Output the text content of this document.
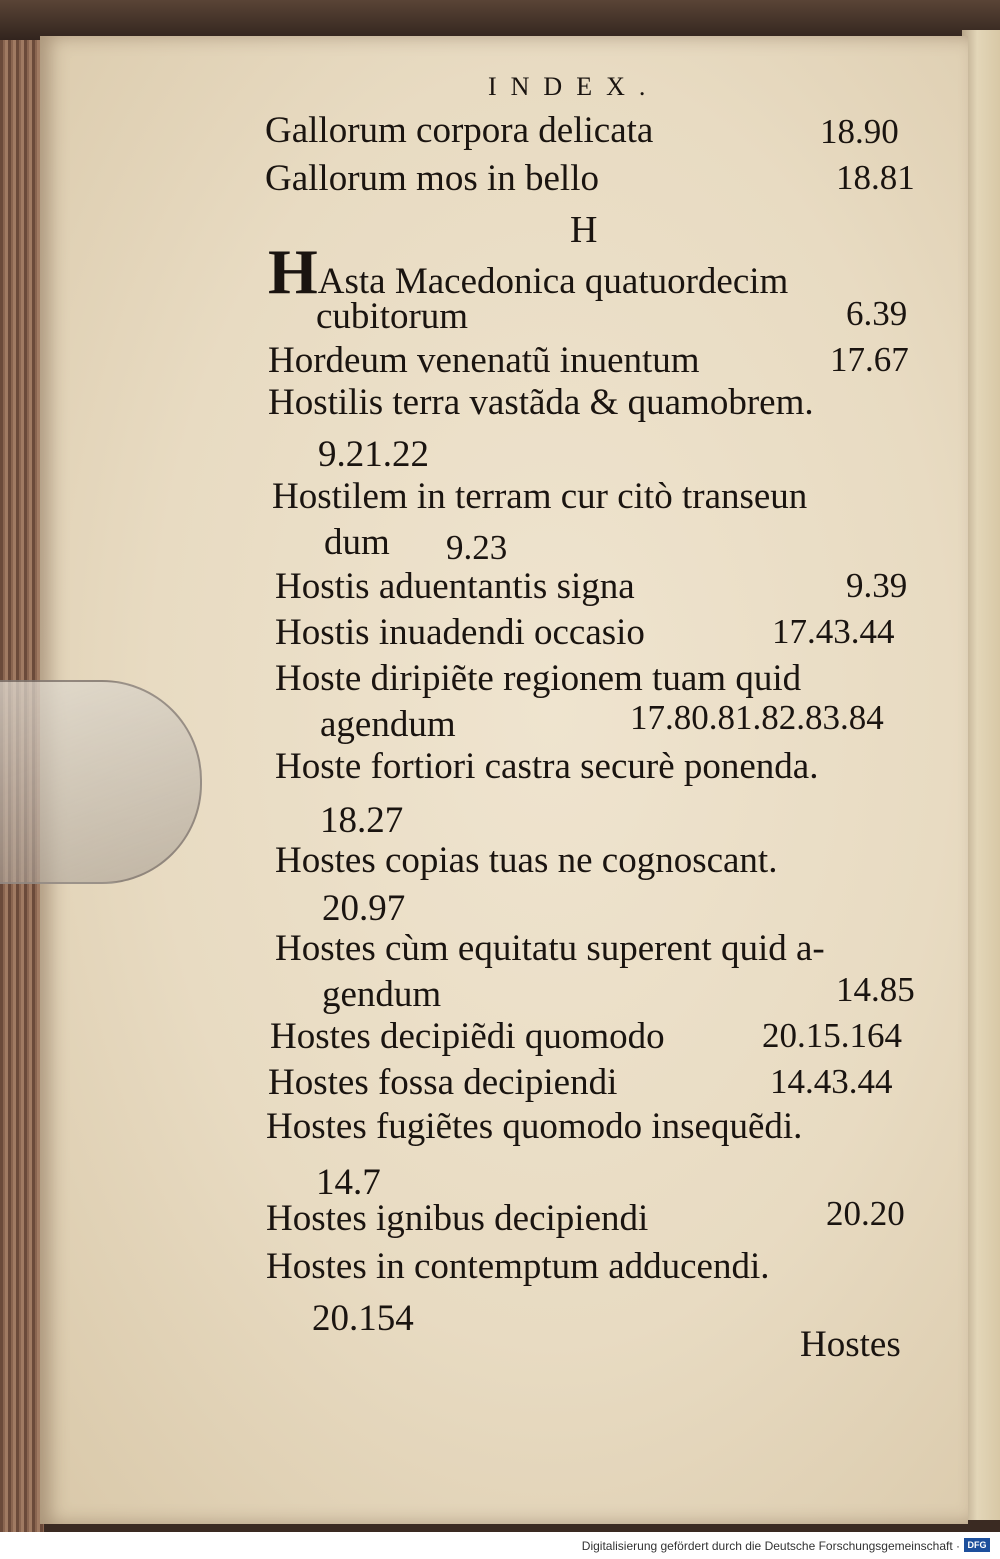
INDEX.
Gallorum corpora delicata	18.90
Gallorum mos in bello	18.81
H
HAsta Macedonica quatuordecim
cubitorum	6.39
Hordeum venenatũ inuentum	17.67
Hostilis terra vastãda & quamobrem.
9.21.22
Hostilem in terram cur citò transeun
dum 9.23
Hostis aduentantis signa	9.39
Hostis inuadendi occasio	17.43.44
Hoste diripiẽte regionem tuam quid
agendum	17.80.81.82.83.84
Hoste fortiori castra securè ponenda.
18.27
Hostes copias tuas ne cognoscant.
20.97
Hostes cùm equitatu superent quid a-
gendum	14.85
Hostes decipiẽdi quomodo	20.15.164
Hostes fossa decipiendi	14.43.44
Hostes fugiẽtes quomodo insequẽdi.
14.7
Hostes ignibus decipiendi	20.20
Hostes in contemptum adducendi.
20.154
Hostes
Digitalisierung gefördert durch die Deutsche Forschungsgemeinschaft · DFG
